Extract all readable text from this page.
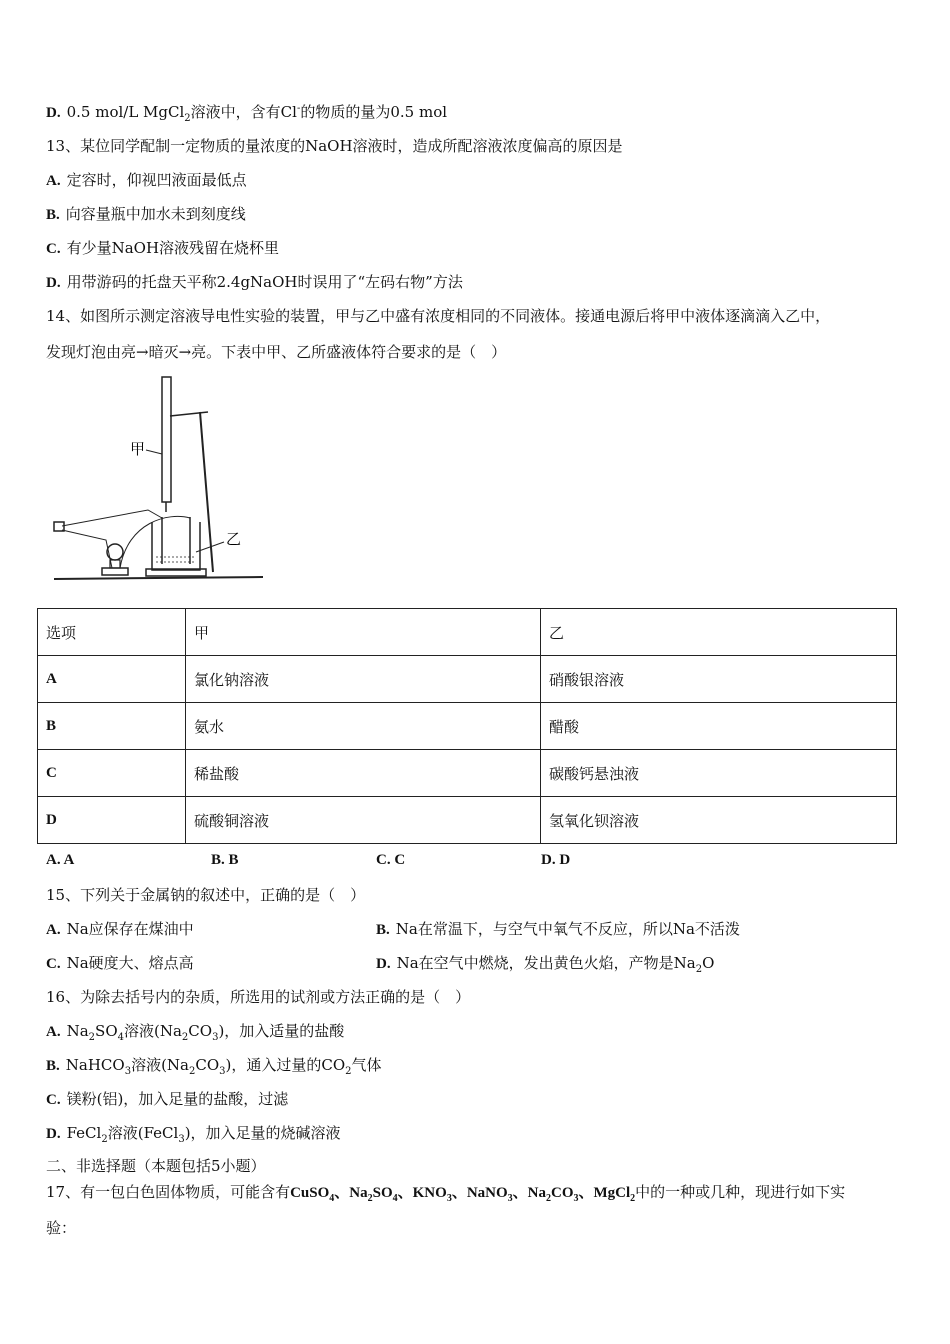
D. 0.5 mol/L MgCl$_2$溶液中，含有Cl-的物质的量为0.5 mol
13、某位同学配制一定物质的量浓度的NaOH溶液时，造成所配溶液浓度偏高的原因是
A. 定容时，仰视凹液面最低点
B. 向容量瓶中加水未到刻度线
C. 有少量NaOH溶液残留在烧杯里
D. 用带游码的托盘天平称2.4gNaOH时误用了“左码右物”方法
14、如图所示测定溶液导电性实验的装置，甲与乙中盛有浓度相同的不同液体。接通电源后将甲中液体逐滴滴入乙中，
发现灯泡由亮→暗灭→亮。下表中甲、乙所盛液体符合要求的是（　）
甲
乙
选项	甲	乙
A	氯化钠溶液	硝酸银溶液
B	氨水	醋酸
C	稀盐酸	碳酸钙悬浊液
D	硫酸铜溶液	氢氧化钡溶液
A. A	B. B	C. C	D. D
15、下列关于金属钠的叙述中，正确的是（　）
A. Na应保存在煤油中	B. Na在常温下，与空气中氧气不反应，所以Na不活泼
C. Na硬度大、熔点高	D. Na在空气中燃烧，发出黄色火焰，产物是$Na_2O$
16、为除去括号内的杂质，所选用的试剂或方法正确的是（　）
A. $Na_2SO_4$溶液$(Na_2CO_3)$，加入适量的盐酸
B. NaHCO$_3$溶液$(Na_2CO_3)$，通入过量的$CO_2$气体
C. 镁粉(铝)，加入足量的盐酸，过滤
D. FeCl$_2$溶液(FeCl$_3$)，加入足量的烧碱溶液
二、非选择题（本题包括5小题）
17、有一包白色固体物质，可能含有CuSO$_4$、$Na_2SO_4$、$KNO_3$、NaNO$_3$、$Na_2CO_3$、MgCl$_2$中的一种或几种，现进行如下实
验：
